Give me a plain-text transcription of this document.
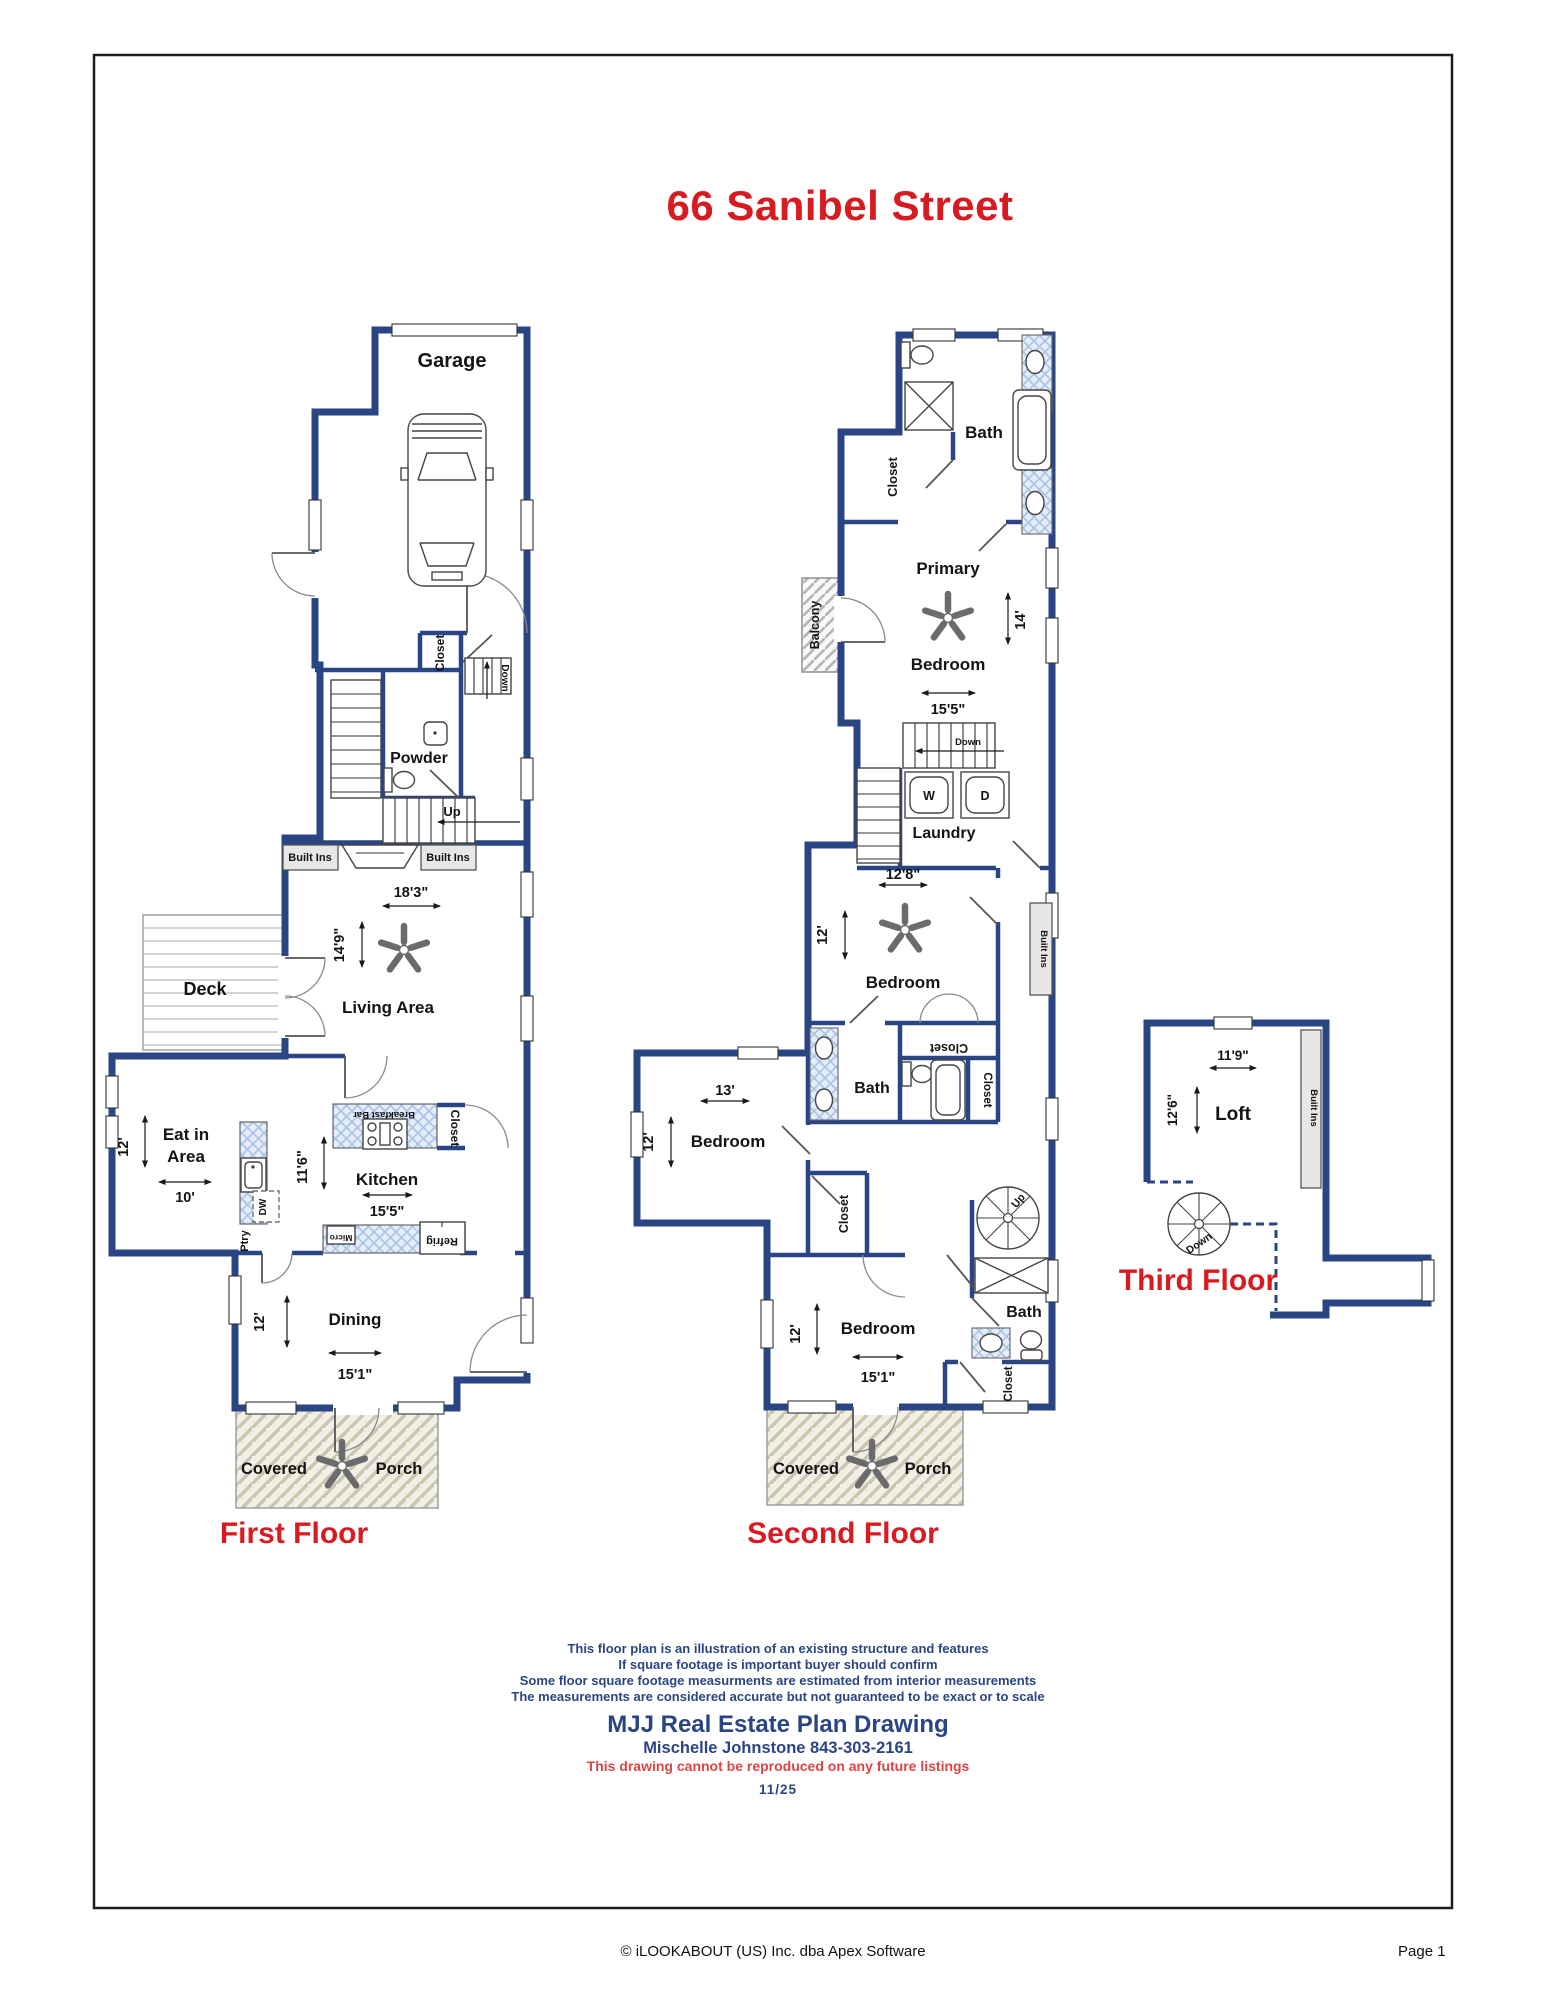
Garage
Closet
Down
Powder
Up
Built Ins	Built Ins
18'3"
14'9"
Living Area
Deck
Eat in
Area
12'
10'
11'6"	Kitchen
15'5"
Breakfast Bar	Closet
Micro	Refrig
DW
Ptry
Dining
12'
15'1"
Covered	Porch
First Floor
Bath
Closet
Primary
Bedroom
14'
15'5"
Balcony
Down
W	D
Laundry
12'8"
12'
Bedroom
Built Ins
Closet
Bath	Closet
13'
12' Bedroom
Closet	Up
12' Bedroom
15'1"
Bath
Closet
Covered	Porch
Second Floor
11'9"
12'6" Loft	Built Ins
Down
Third Floor
66 Sanibel Street
This floor plan is an illustration of an existing structure and features
If square footage is important buyer should confirm
Some floor square footage measurments are estimated from interior measurements
The measurements are considered accurate but not guaranteed to be exact or to scale
MJJ Real Estate Plan Drawing
Mischelle Johnstone 843-303-2161
This drawing cannot be reproduced on any future listings
11/25
© iLOOKABOUT (US) Inc. dba Apex Software	Page 1
